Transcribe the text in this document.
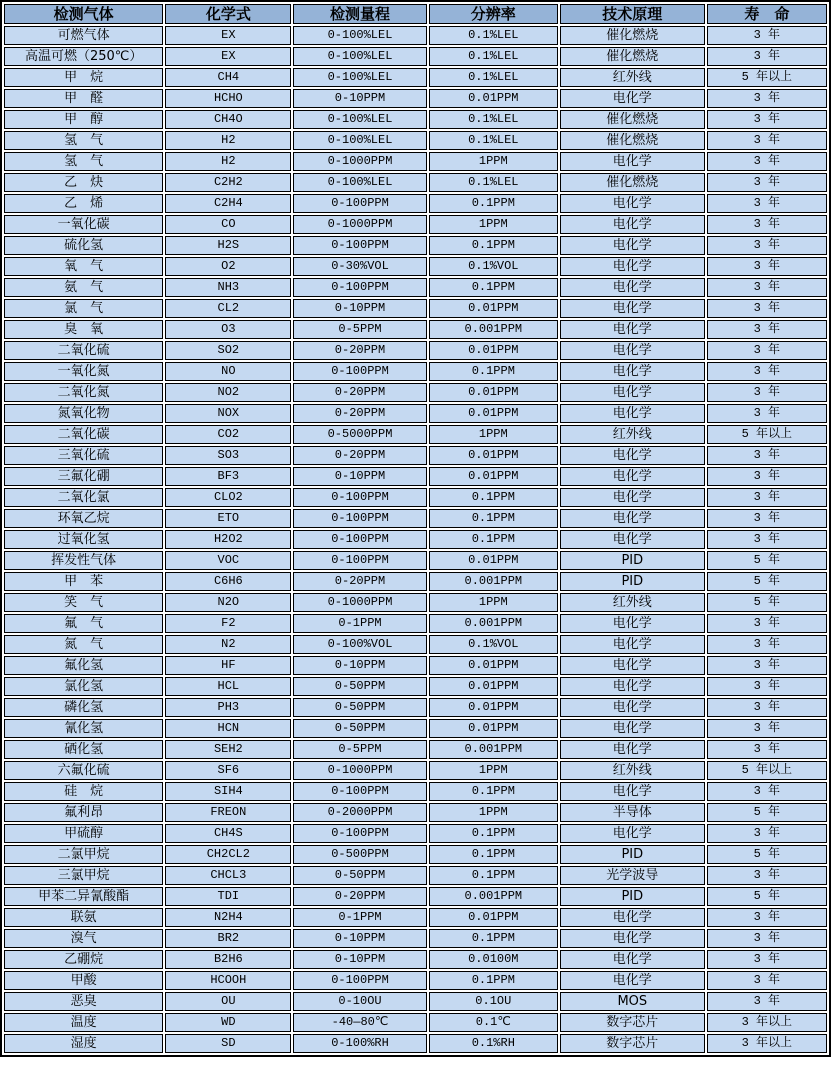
检测气体	化学式	检测量程	分辨率	技术原理	寿　命
可燃气体	EX	0-100%LEL	0.1%LEL	催化燃烧	3 年
高温可燃（250℃）	EX	0-100%LEL	0.1%LEL	催化燃烧	3 年
甲　烷	CH4	0-100%LEL	0.1%LEL	红外线	5 年以上
甲　醛	HCHO	0-10PPM	0.01PPM	电化学	3 年
甲　醇	CH4O	0-100%LEL	0.1%LEL	催化燃烧	3 年
氢　气	H2	0-100%LEL	0.1%LEL	催化燃烧	3 年
氢　气	H2	0-1000PPM	1PPM	电化学	3 年
乙　炔	C2H2	0-100%LEL	0.1%LEL	催化燃烧	3 年
乙　烯	C2H4	0-100PPM	0.1PPM	电化学	3 年
一氧化碳	CO	0-1000PPM	1PPM	电化学	3 年
硫化氢	H2S	0-100PPM	0.1PPM	电化学	3 年
氧　气	O2	0-30%VOL	0.1%VOL	电化学	3 年
氨　气	NH3	0-100PPM	0.1PPM	电化学	3 年
氯　气	CL2	0-10PPM	0.01PPM	电化学	3 年
臭　氧	O3	0-5PPM	0.001PPM	电化学	3 年
二氧化硫	SO2	0-20PPM	0.01PPM	电化学	3 年
一氧化氮	NO	0-100PPM	0.1PPM	电化学	3 年
二氧化氮	NO2	0-20PPM	0.01PPM	电化学	3 年
氮氧化物	NOX	0-20PPM	0.01PPM	电化学	3 年
二氧化碳	CO2	0-5000PPM	1PPM	红外线	5 年以上
三氧化硫	SO3	0-20PPM	0.01PPM	电化学	3 年
三氟化硼	BF3	0-10PPM	0.01PPM	电化学	3 年
二氧化氯	CLO2	0-100PPM	0.1PPM	电化学	3 年
环氧乙烷	ETO	0-100PPM	0.1PPM	电化学	3 年
过氧化氢	H2O2	0-100PPM	0.1PPM	电化学	3 年
挥发性气体	VOC	0-100PPM	0.01PPM	PID	5 年
甲　苯	C6H6	0-20PPM	0.001PPM	PID	5 年
笑　气	N2O	0-1000PPM	1PPM	红外线	5 年
氟　气	F2	0-1PPM	0.001PPM	电化学	3 年
氮　气	N2	0-100%VOL	0.1%VOL	电化学	3 年
氟化氢	HF	0-10PPM	0.01PPM	电化学	3 年
氯化氢	HCL	0-50PPM	0.01PPM	电化学	3 年
磷化氢	PH3	0-50PPM	0.01PPM	电化学	3 年
氰化氢	HCN	0-50PPM	0.01PPM	电化学	3 年
硒化氢	SEH2	0-5PPM	0.001PPM	电化学	3 年
六氟化硫	SF6	0-1000PPM	1PPM	红外线	5 年以上
硅　烷	SIH4	0-100PPM	0.1PPM	电化学	3 年
氟利昂	FREON	0-2000PPM	1PPM	半导体	5 年
甲硫醇	CH4S	0-100PPM	0.1PPM	电化学	3 年
二氯甲烷	CH2CL2	0-500PPM	0.1PPM	PID	5 年
三氯甲烷	CHCL3	0-50PPM	0.1PPM	光学波导	3 年
甲苯二异氰酸酯	TDI	0-20PPM	0.001PPM	PID	5 年
联氨	N2H4	0-1PPM	0.01PPM	电化学	3 年
溴气	BR2	0-10PPM	0.1PPM	电化学	3 年
乙硼烷	B2H6	0-10PPM	0.0100M	电化学	3 年
甲酸	HCOOH	0-100PPM	0.1PPM	电化学	3 年
恶臭	OU	0-10OU	0.1OU	MOS	3 年
温度	WD	-40—80℃	0.1℃	数字芯片	3 年以上
湿度	SD	0-100%RH	0.1%RH	数字芯片	3 年以上
